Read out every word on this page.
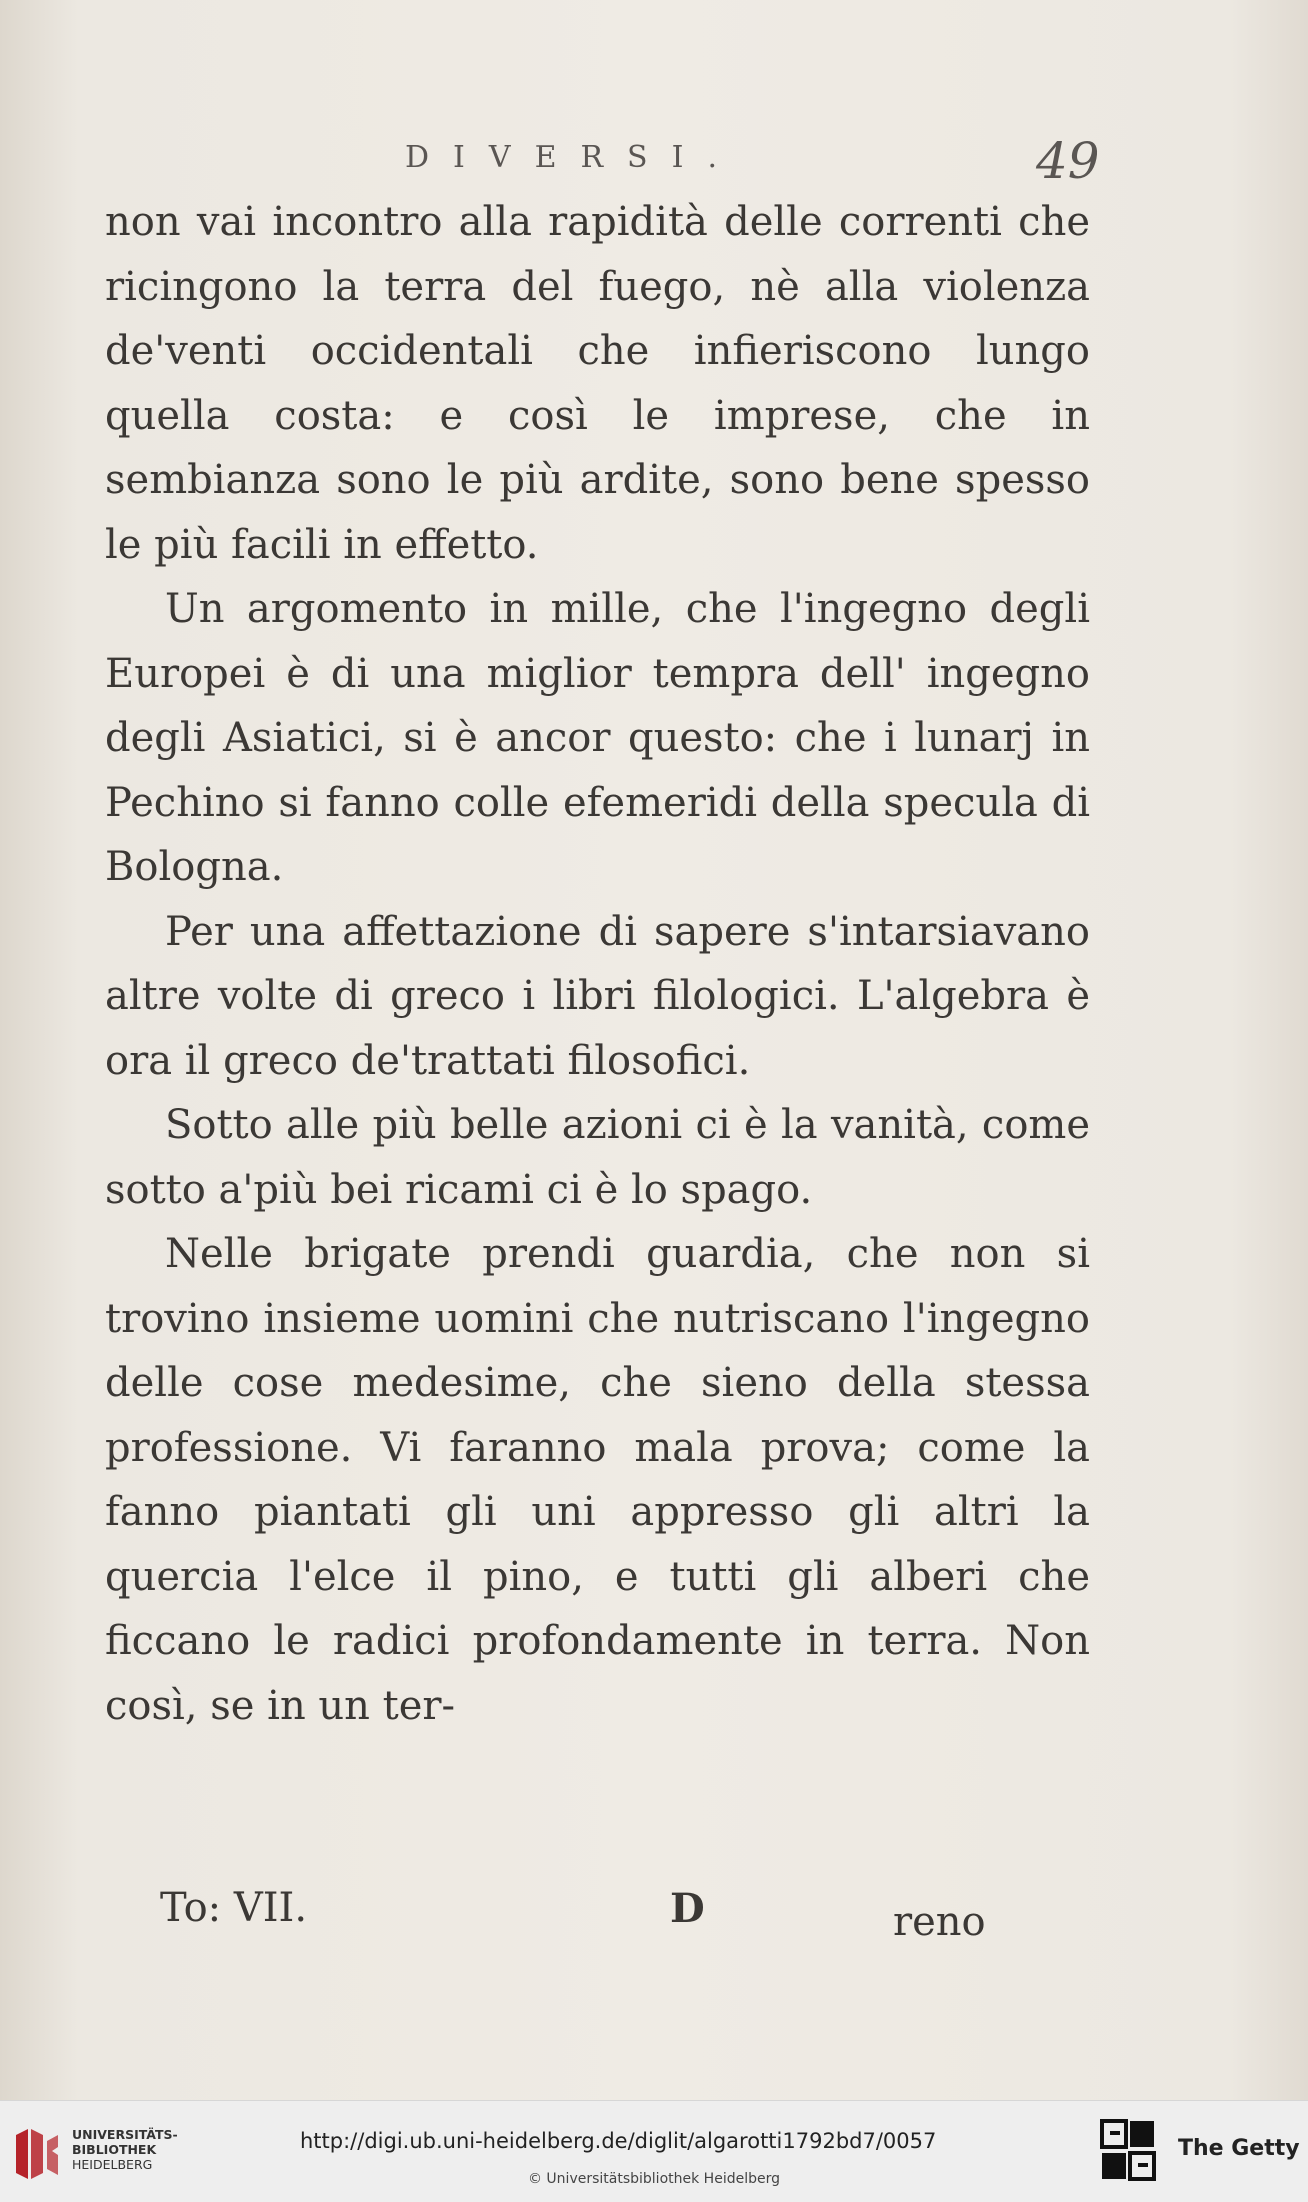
DIVERSI.	49

non vai incontro alla rapidità delle correnti che ricingono la terra del fuego, nè alla violenza de'venti occidentali che infieriscono lungo quella costa: e così le imprese, che in sembianza sono le più ardite, sono bene spesso le più facili in effetto.

Un argomento in mille, che l'ingegno degli Europei è di una miglior tempra dell' ingegno degli Asiatici, si è ancor questo: che i lunarj in Pechino si fanno colle efemeridi della specula di Bologna.

Per una affettazione di sapere s'intarsiavano altre volte di greco i libri filologici. L'algebra è ora il greco de'trattati filosofici.

Sotto alle più belle azioni ci è la vanità, come sotto a'più bei ricami ci è lo spago.

Nelle brigate prendi guardia, che non si trovino insieme uomini che nutriscano l'ingegno delle cose medesime, che sieno della stessa professione. Vi faranno mala prova; come la fanno piantati gli uni appresso gli altri la quercia l'elce il pino, e tutti gli alberi che ficcano le radici profondamente in terra. Non così, se in un ter-

To: VII.	D	reno
UNIVERSITÄTS-
BIBLIOTHEK
HEIDELBERG
http://digi.ub.uni-heidelberg.de/diglit/algarotti1792bd7/0057
© Universitätsbibliothek Heidelberg
The Getty
